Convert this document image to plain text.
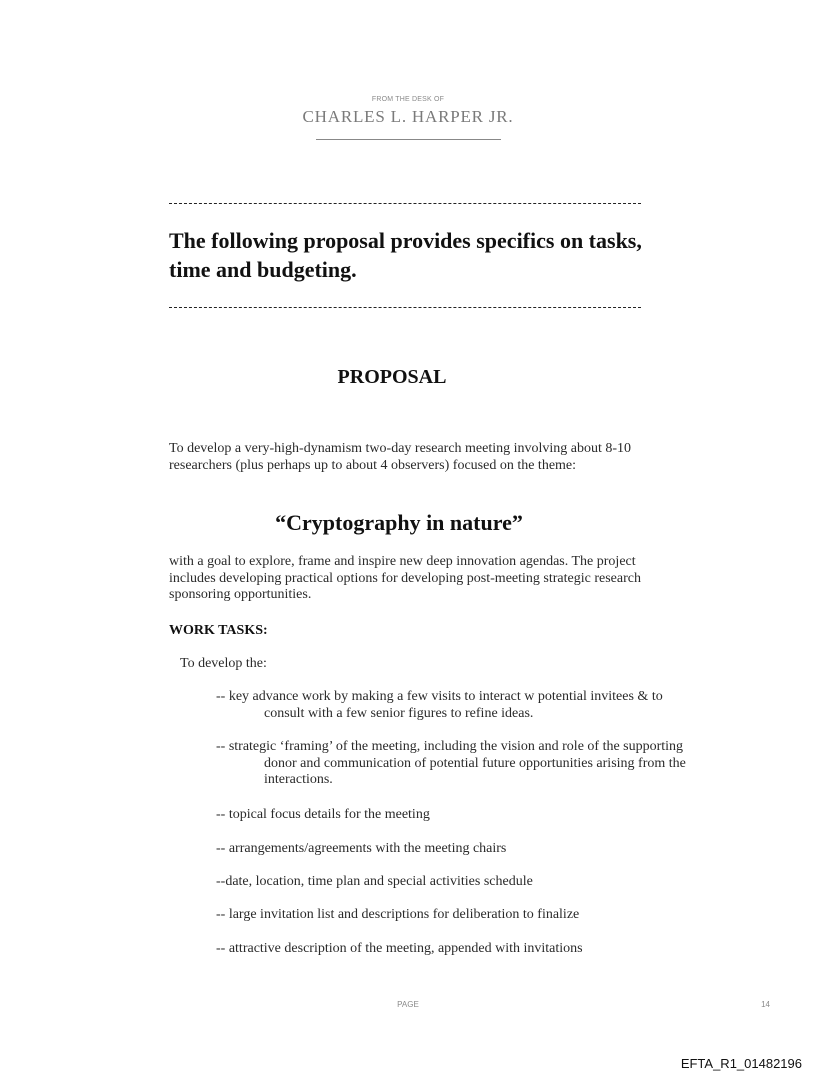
FROM THE DESK OF
CHARLES L. HARPER JR.
The following proposal provides specifics on tasks, time and budgeting.
PROPOSAL
To develop a very-high-dynamism two-day research meeting involving about 8-10 researchers (plus perhaps up to about 4 observers) focused on the theme:
“Cryptography in nature”
with a goal to explore, frame and inspire new deep innovation agendas. The project includes developing practical options for developing post-meeting strategic research sponsoring opportunities.
WORK TASKS:
To develop the:
-- key advance work by making a few visits to interact w potential invitees & to consult with a few senior figures to refine ideas.
-- strategic ‘framing’ of the meeting, including the vision and role of the supporting donor and communication of potential future opportunities arising from the interactions.
-- topical focus details for the meeting
-- arrangements/agreements with the meeting chairs
--date, location, time plan and special activities schedule
-- large invitation list and descriptions for deliberation to finalize
-- attractive description of the meeting, appended with invitations
PAGE	14
EFTA_R1_01482196
